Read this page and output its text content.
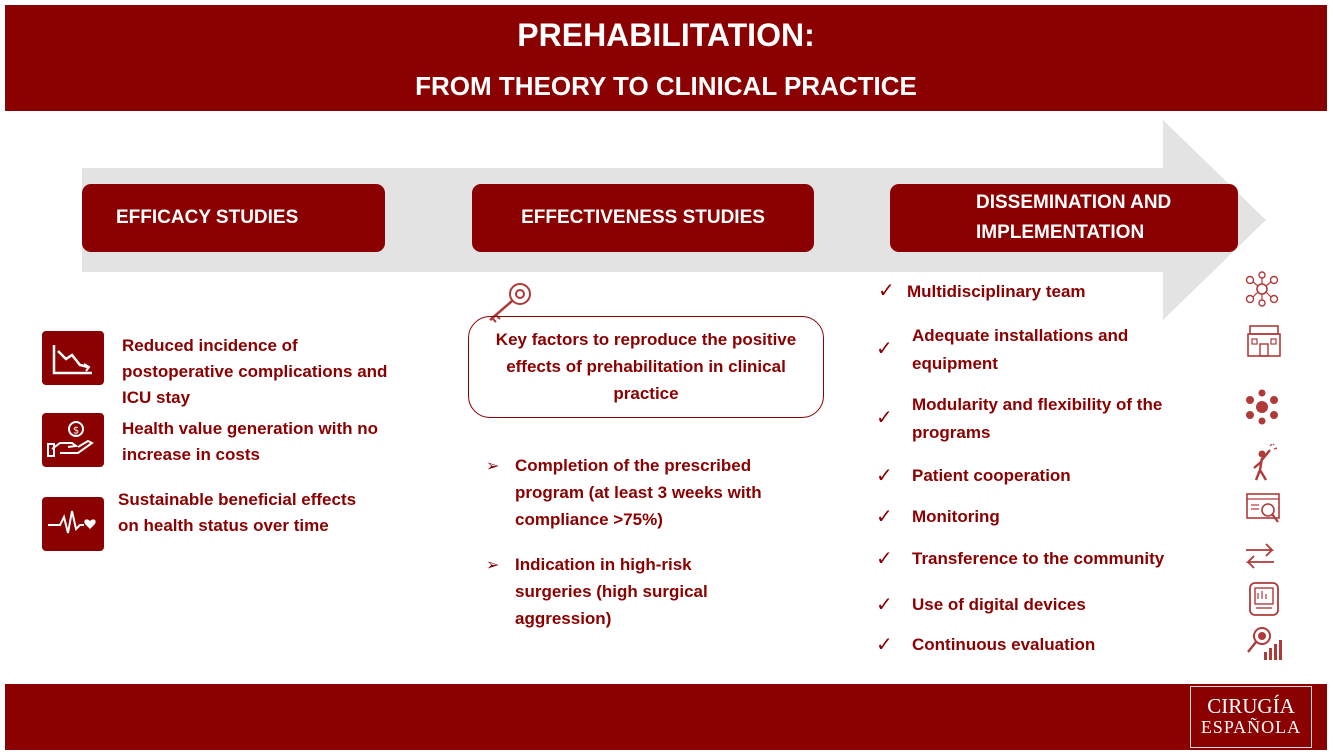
PREHABILITATION:
FROM THEORY TO CLINICAL PRACTICE
EFFICACY STUDIES	EFFECTIVENESS STUDIES
DISSEMINATION AND
IMPLEMENTATION
Reduced incidence of
postoperative complications and
ICU stay
$	Health value generation with no
increase in costs
Sustainable beneficial effects
on health status over time
Key factors to reproduce the positive
effects of prehabilitation in clinical
practice
➢ Completion of the prescribed
program (at least 3 weeks with
compliance >75%)
➢ Indication in high-risk
surgeries (high surgical
aggression)
✓ Multidisciplinary team
✓
Adequate installations and
equipment
✓
Modularity and flexibility of the
programs
✓ Patient cooperation
✓ Monitoring
✓ Transference to the community
✓ Use of digital devices
✓ Continuous evaluation
CIRUGÍA
ESPAÑOLA
